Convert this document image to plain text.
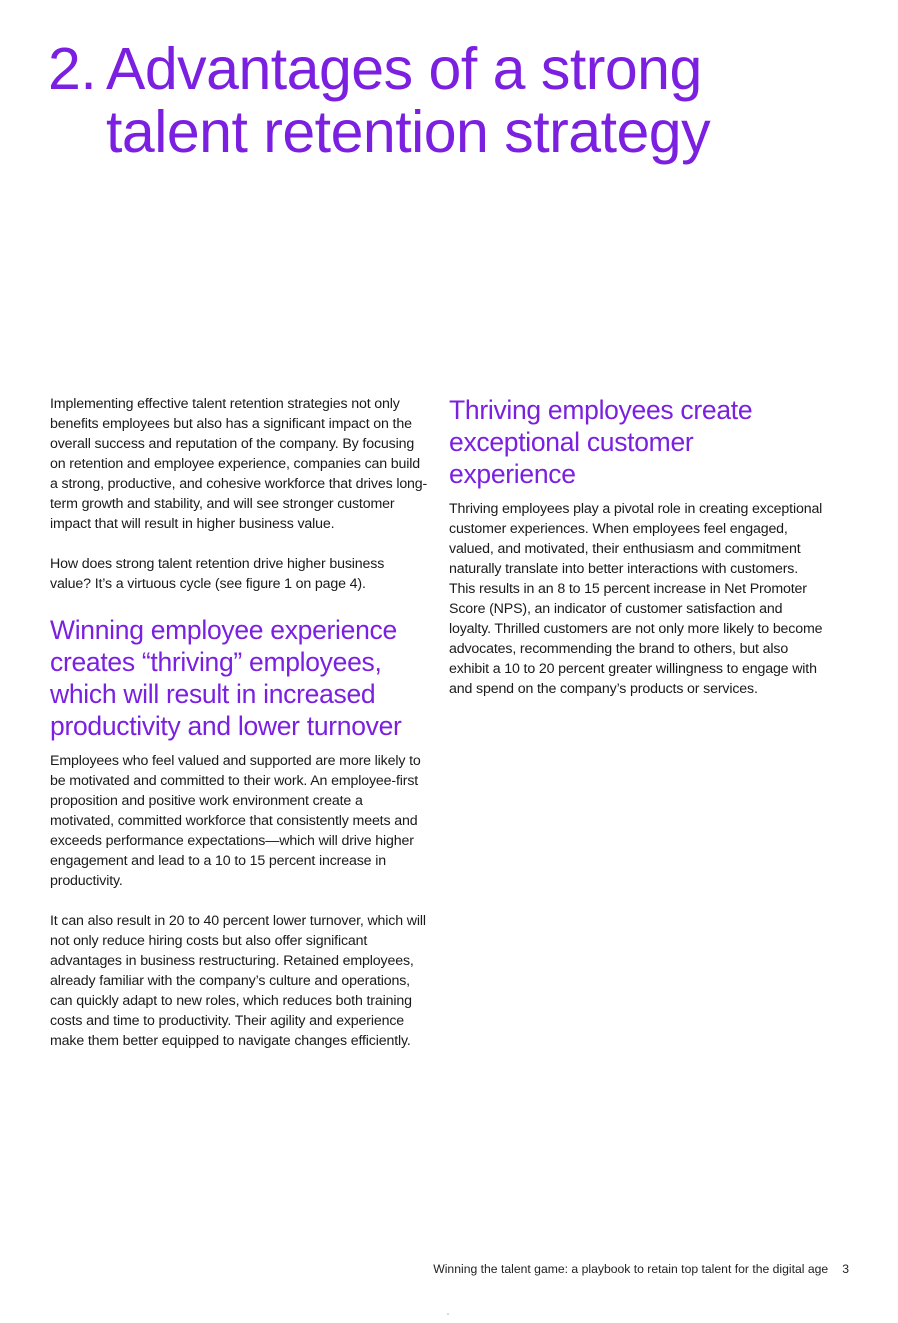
2. Advantages of a strong
talent retention strategy

Implementing effective talent retention strategies not only benefits employees but also has a significant impact on the overall success and reputation of the company. By focusing on retention and employee experience, companies can build a strong, productive, and cohesive workforce that drives long-term growth and stability, and will see stronger customer impact that will result in higher business value.

How does strong talent retention drive higher business value? It’s a virtuous cycle (see figure 1 on page 4).

Winning employee experience creates “thriving” employees, which will result in increased productivity and lower turnover

Employees who feel valued and supported are more likely to be motivated and committed to their work. An employee-first proposition and positive work environment create a motivated, committed workforce that consistently meets and exceeds performance expectations—which will drive higher engagement and lead to a 10 to 15 percent increase in productivity.

It can also result in 20 to 40 percent lower turnover, which will not only reduce hiring costs but also offer significant advantages in business restructuring. Retained employees, already familiar with the company’s culture and operations, can quickly adapt to new roles, which reduces both training costs and time to productivity. Their agility and experience make them better equipped to navigate changes efficiently.

Thriving employees create exceptional customer experience

Thriving employees play a pivotal role in creating exceptional customer experiences. When employees feel engaged, valued, and motivated, their enthusiasm and commitment naturally translate into better interactions with customers. This results in an 8 to 15 percent increase in Net Promoter Score (NPS), an indicator of customer satisfaction and loyalty. Thrilled customers are not only more likely to become advocates, recommending the brand to others, but also exhibit a 10 to 20 percent greater willingness to engage with and spend on the company’s products or services.

Winning the talent game: a playbook to retain top talent for the digital age 3
